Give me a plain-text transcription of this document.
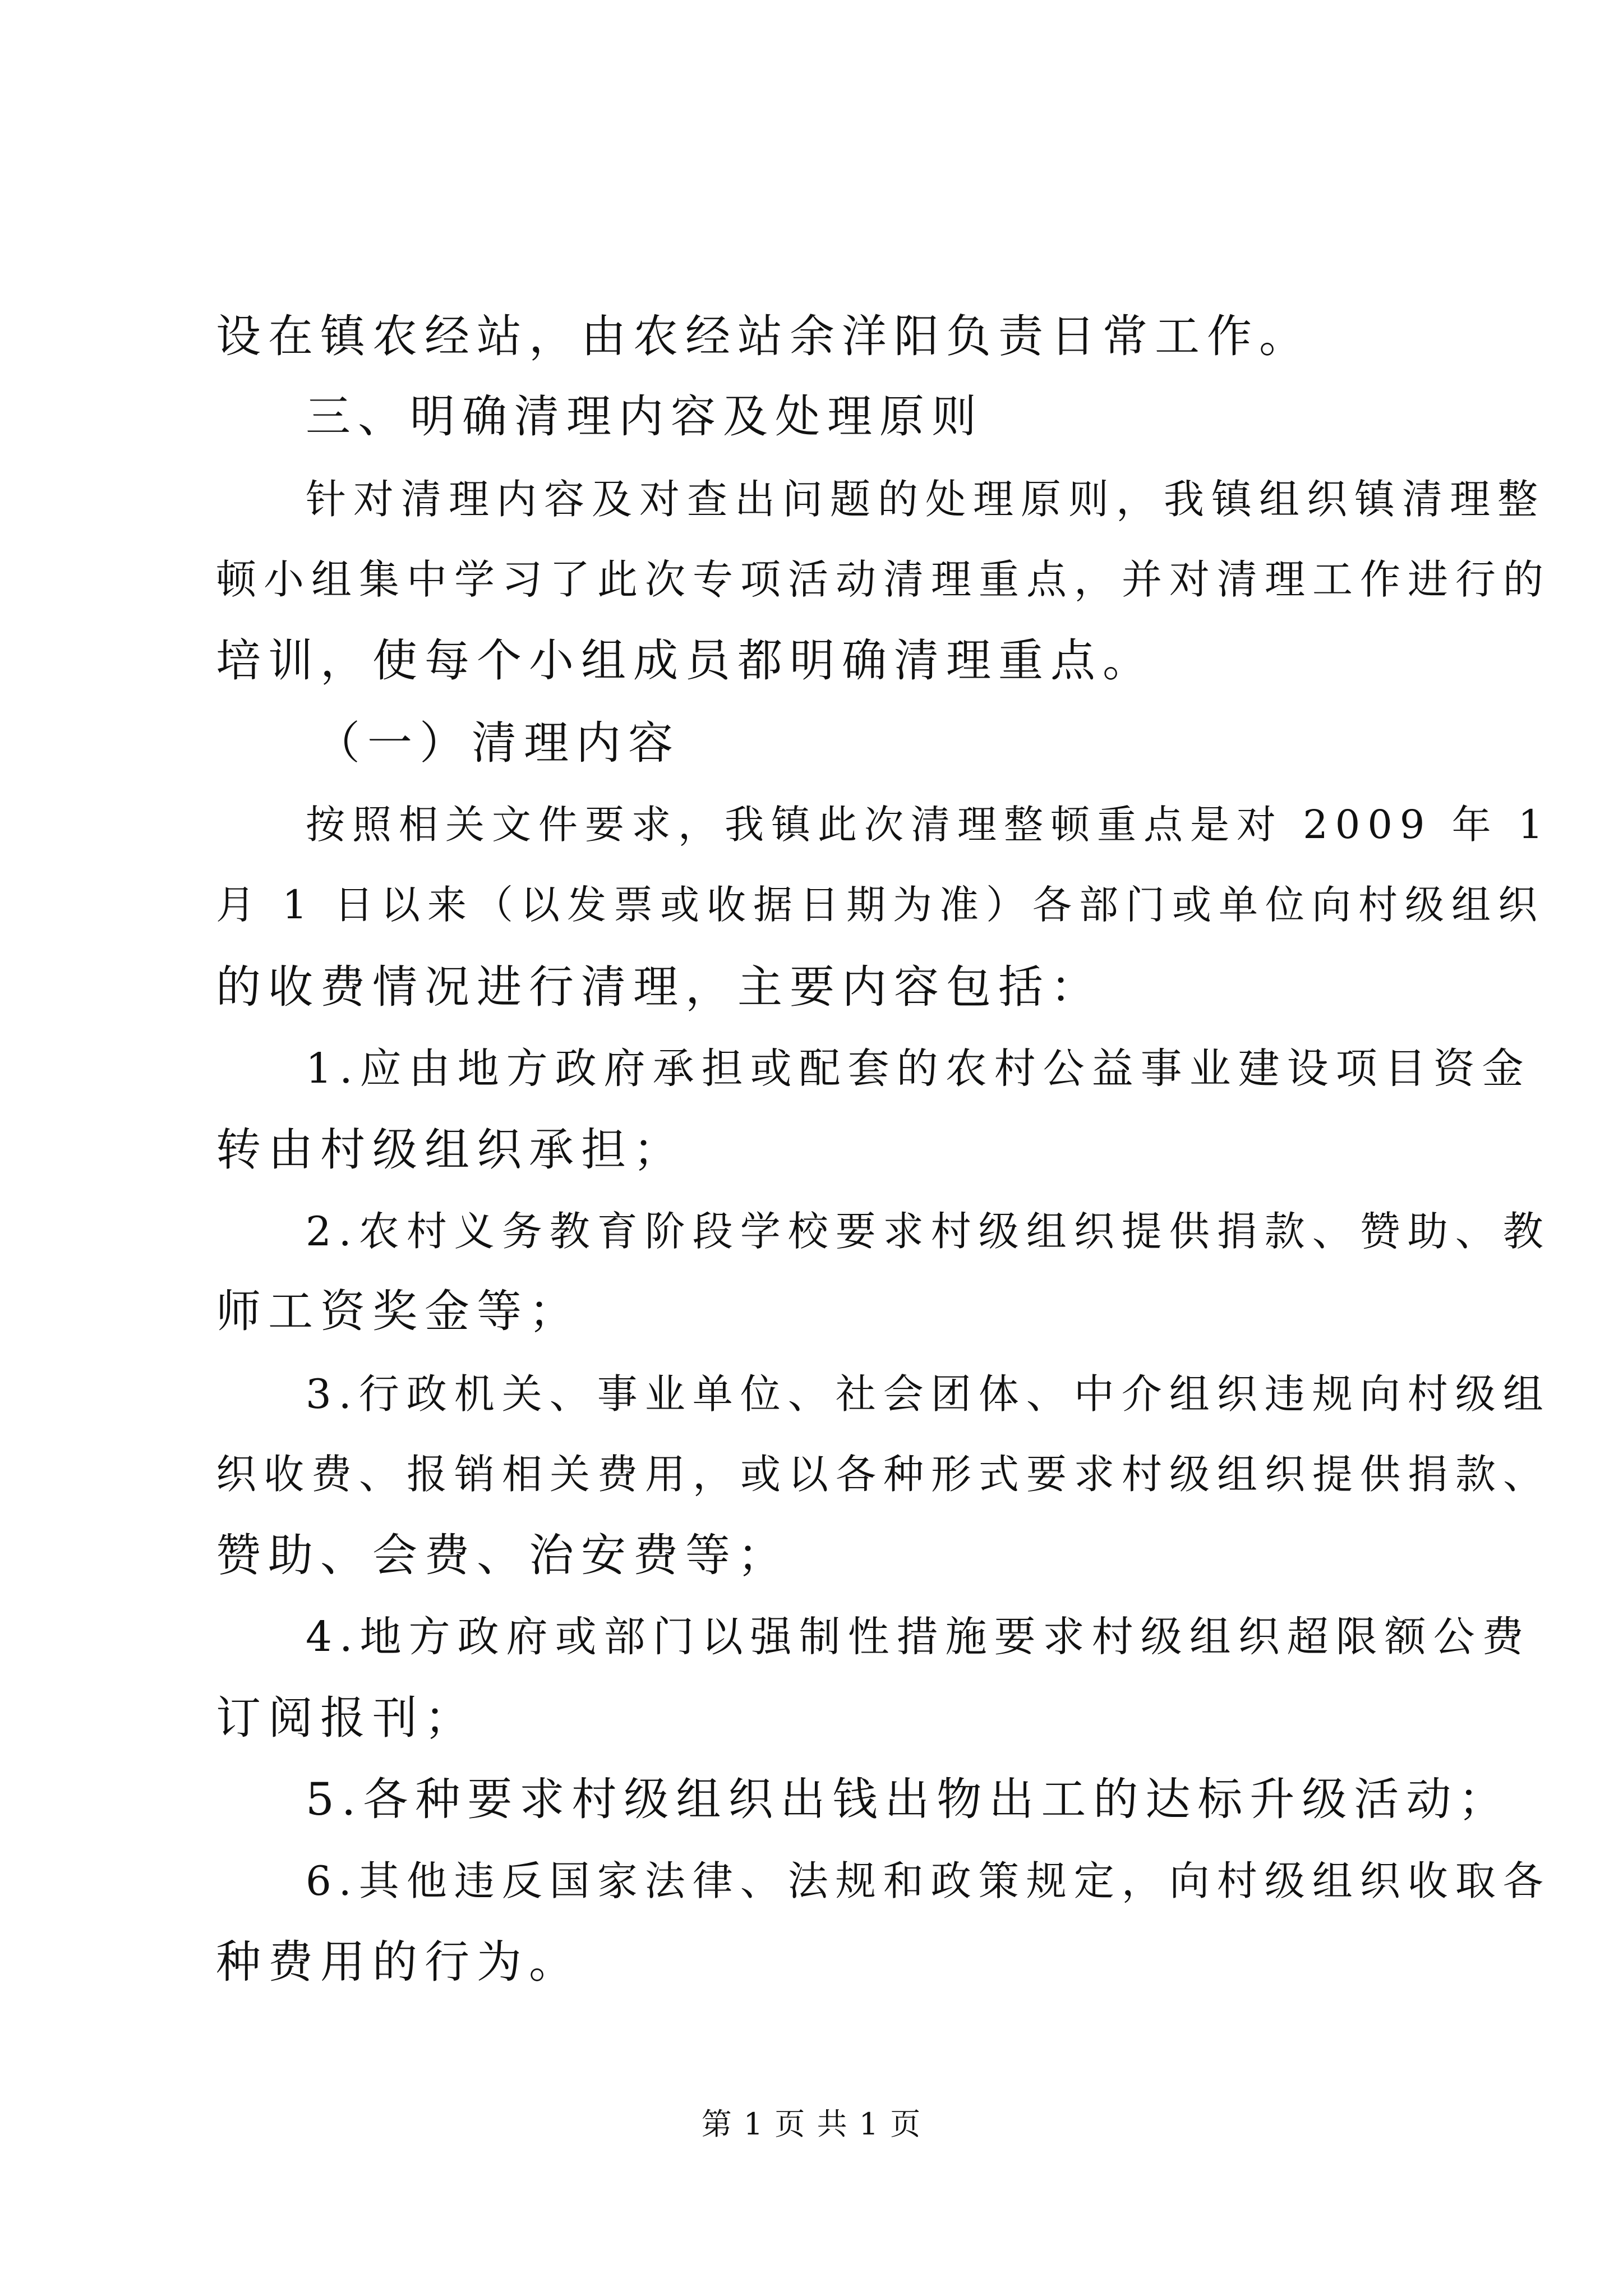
设在镇农经站，由农经站余洋阳负责日常工作。
三、明确清理内容及处理原则
针对清理内容及对查出问题的处理原则，我镇组织镇清理整
顿小组集中学习了此次专项活动清理重点，并对清理工作进行的
培训，使每个小组成员都明确清理重点。
（一）清理内容
按照相关文件要求，我镇此次清理整顿重点是对 2009 年 1
月 1 日以来（以发票或收据日期为准）各部门或单位向村级组织
的收费情况进行清理，主要内容包括：
1.应由地方政府承担或配套的农村公益事业建设项目资金
转由村级组织承担；
2.农村义务教育阶段学校要求村级组织提供捐款、赞助、教
师工资奖金等；
3.行政机关、事业单位、社会团体、中介组织违规向村级组
织收费、报销相关费用，或以各种形式要求村级组织提供捐款、
赞助、会费、治安费等；
4.地方政府或部门以强制性措施要求村级组织超限额公费
订阅报刊；
5.各种要求村级组织出钱出物出工的达标升级活动；
6.其他违反国家法律、法规和政策规定，向村级组织收取各
种费用的行为。
第 1 页 共 1 页
